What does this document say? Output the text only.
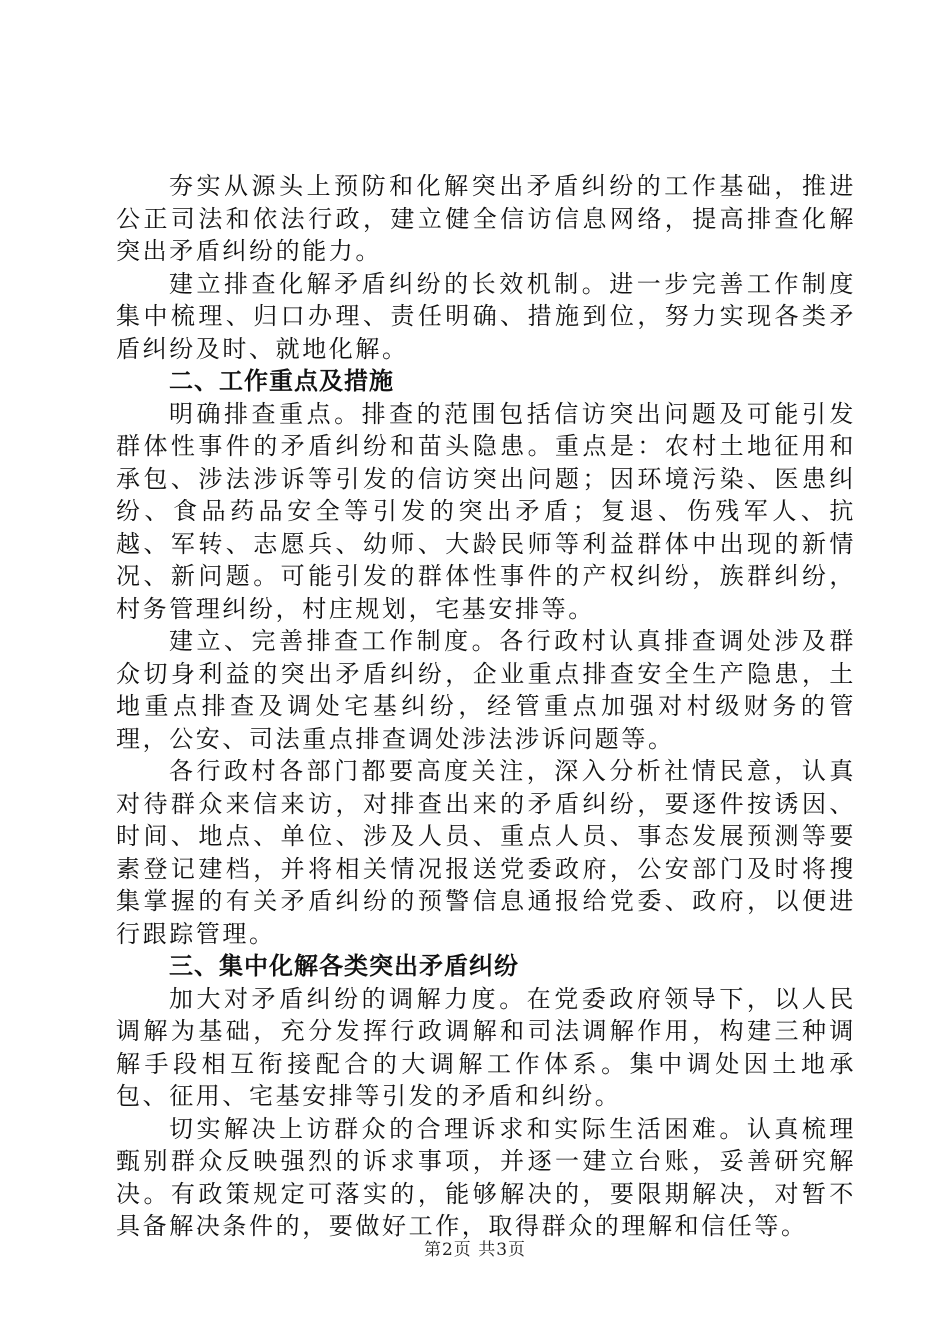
夯实从源头上预防和化解突出矛盾纠纷的工作基础，推进公正司法和依法行政，建立健全信访信息网络，提高排查化解突出矛盾纠纷的能力。

建立排查化解矛盾纠纷的长效机制。进一步完善工作制度集中梳理、归口办理、责任明确、措施到位，努力实现各类矛盾纠纷及时、就地化解。

二、工作重点及措施

明确排查重点。排查的范围包括信访突出问题及可能引发群体性事件的矛盾纠纷和苗头隐患。重点是：农村土地征用和承包、涉法涉诉等引发的信访突出问题；因环境污染、医患纠纷、食品药品安全等引发的突出矛盾；复退、伤残军人、抗越、军转、志愿兵、幼师、大龄民师等利益群体中出现的新情况、新问题。可能引发的群体性事件的产权纠纷，族群纠纷，村务管理纠纷，村庄规划，宅基安排等。

建立、完善排查工作制度。各行政村认真排查调处涉及群众切身利益的突出矛盾纠纷，企业重点排查安全生产隐患，土地重点排查及调处宅基纠纷，经管重点加强对村级财务的管理，公安、司法重点排查调处涉法涉诉问题等。

各行政村各部门都要高度关注，深入分析社情民意，认真对待群众来信来访，对排查出来的矛盾纠纷，要逐件按诱因、时间、地点、单位、涉及人员、重点人员、事态发展预测等要素登记建档，并将相关情况报送党委政府，公安部门及时将搜集掌握的有关矛盾纠纷的预警信息通报给党委、政府，以便进行跟踪管理。

三、集中化解各类突出矛盾纠纷

加大对矛盾纠纷的调解力度。在党委政府领导下，以人民调解为基础，充分发挥行政调解和司法调解作用，构建三种调解手段相互衔接配合的大调解工作体系。集中调处因土地承包、征用、宅基安排等引发的矛盾和纠纷。

切实解决上访群众的合理诉求和实际生活困难。认真梳理甄别群众反映强烈的诉求事项，并逐一建立台账，妥善研究解决。有政策规定可落实的，能够解决的，要限期解决，对暂不具备解决条件的，要做好工作，取得群众的理解和信任等。

第2页 共3页
